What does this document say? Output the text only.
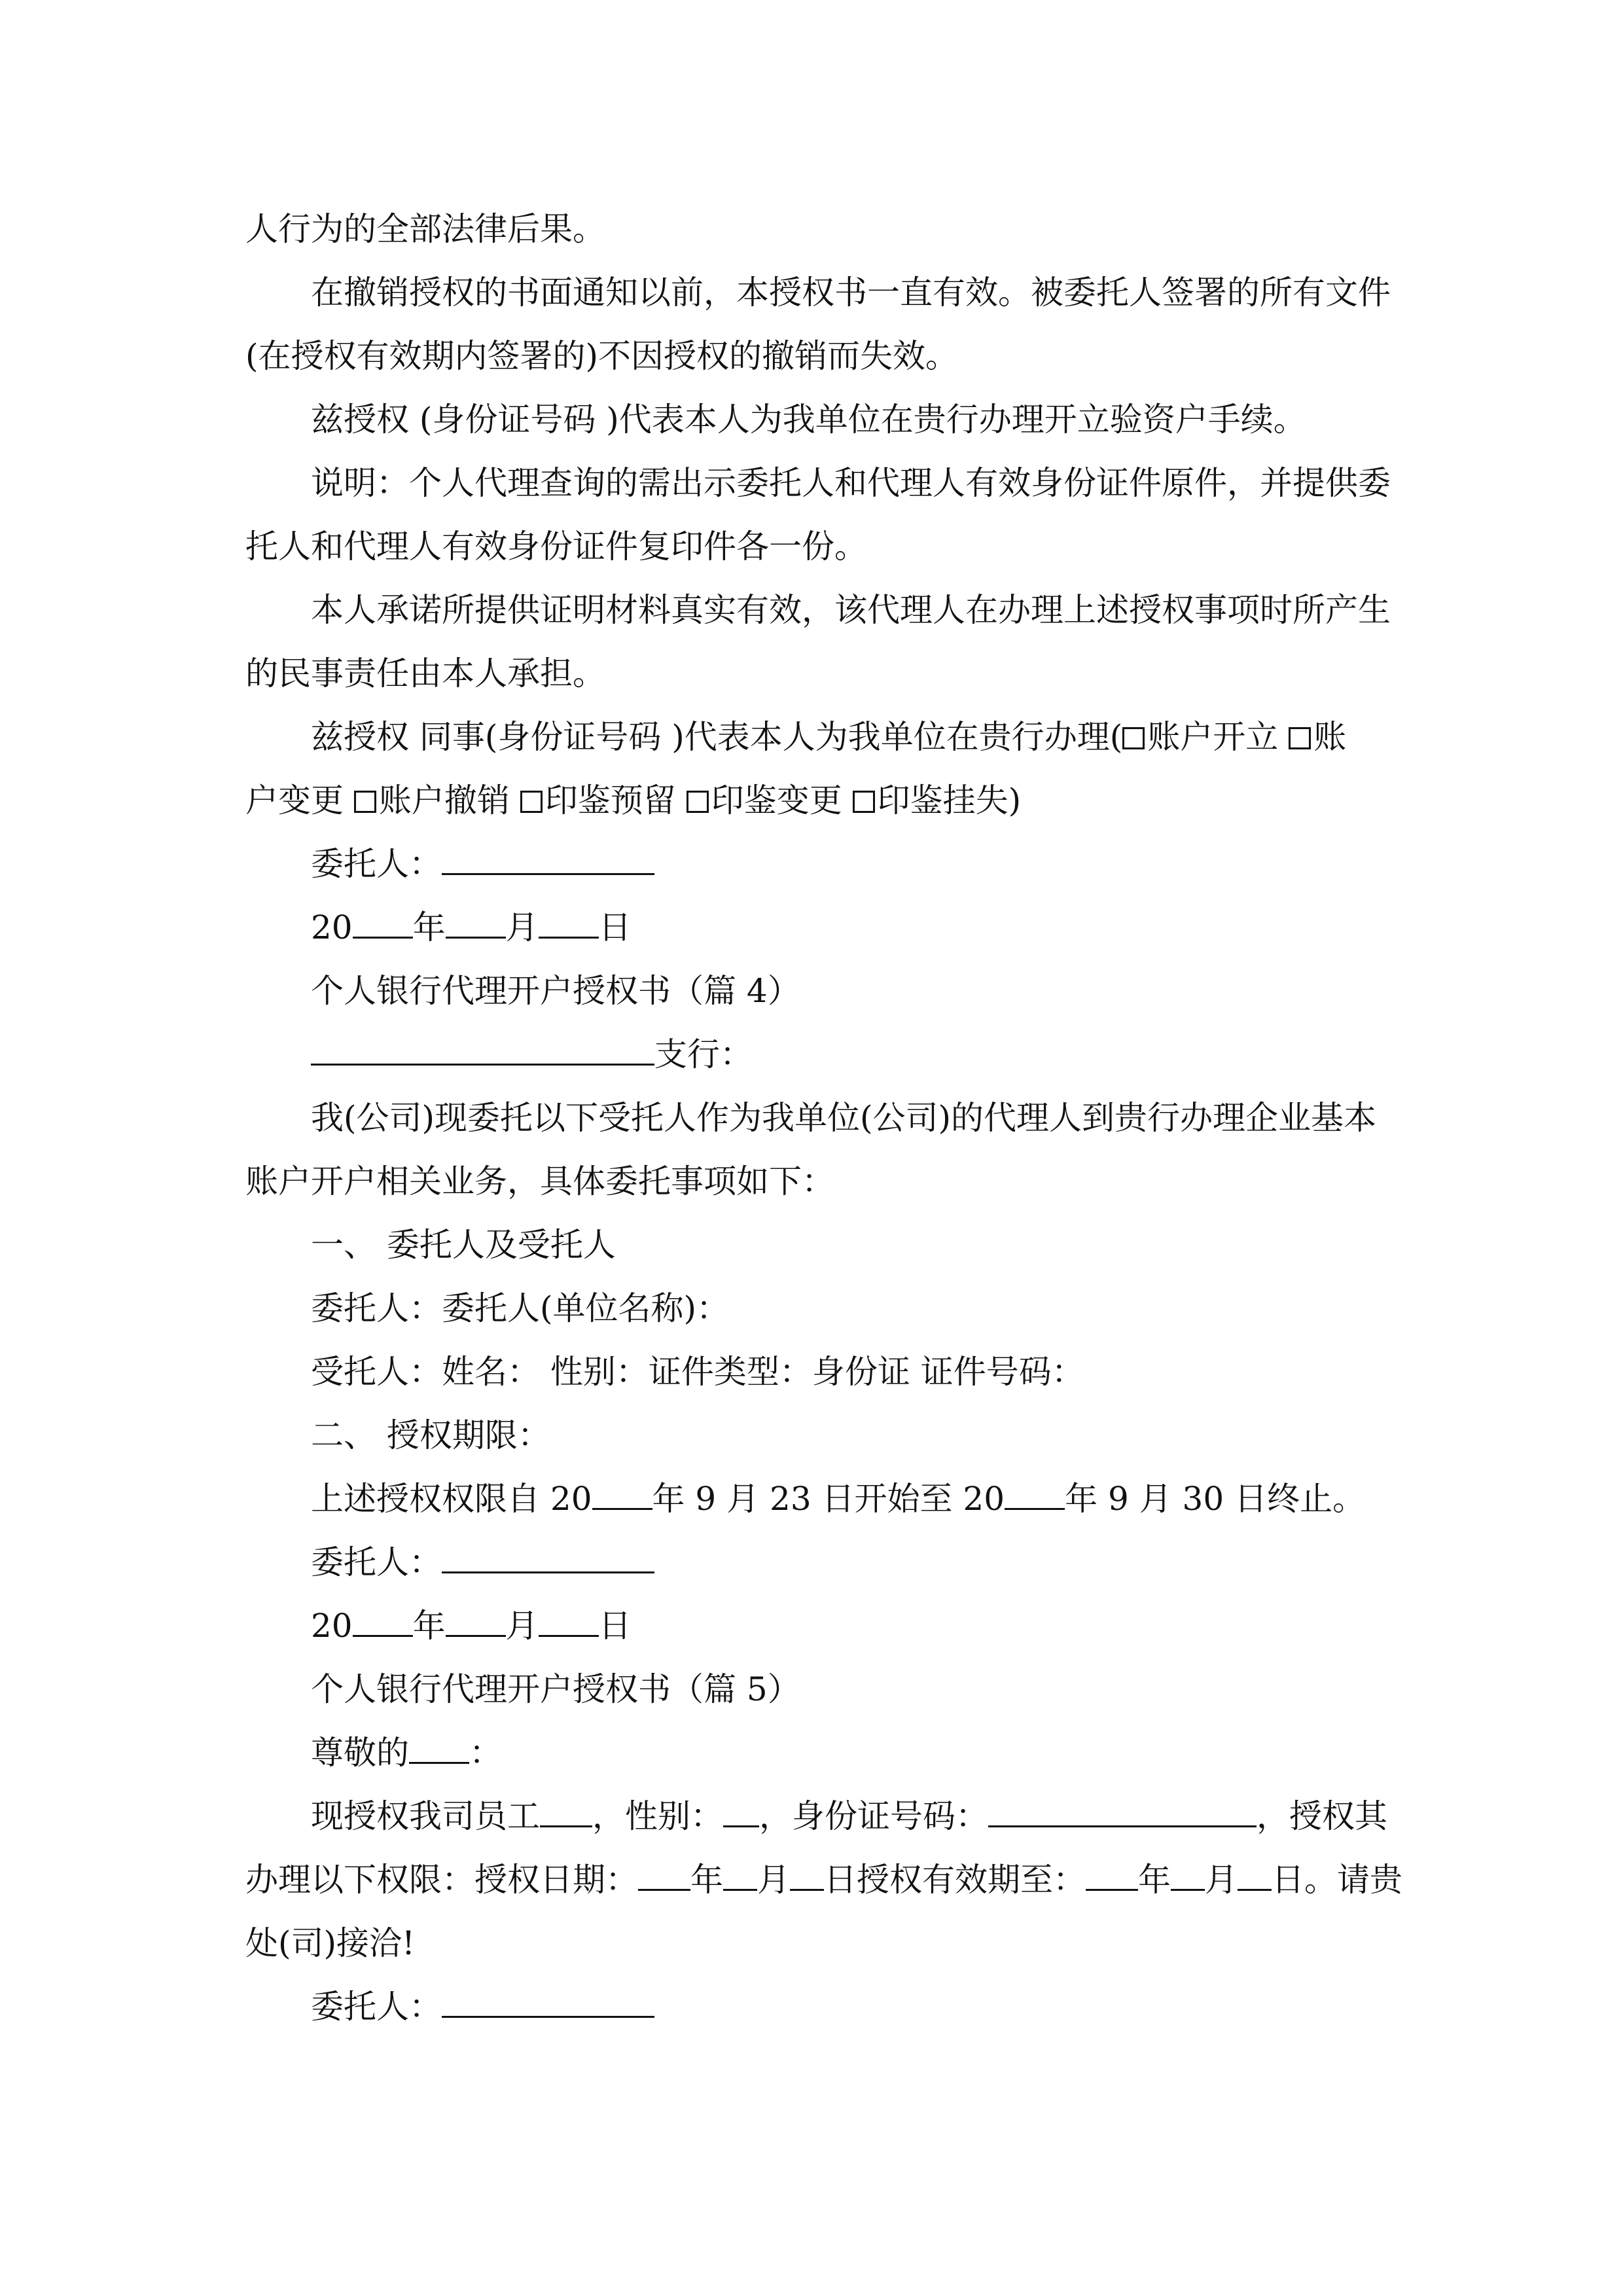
人行为的全部法律后果。

在撤销授权的书面通知以前，本授权书一直有效。被委托人签署的所有文件

(在授权有效期内签署的)不因授权的撤销而失效。

兹授权 (身份证号码 )代表本人为我单位在贵行办理开立验资户手续。

说明：个人代理查询的需出示委托人和代理人有效身份证件原件，并提供委

托人和代理人有效身份证件复印件各一份。

本人承诺所提供证明材料真实有效，该代理人在办理上述授权事项时所产生

的民事责任由本人承担。

兹授权 同事(身份证号码 )代表本人为我单位在贵行办理( 账户开立 账

户变更 账户撤销 印鉴预留 印鉴变更 印鉴挂失)

委托人：

20 年 月 日

个人银行代理开户授权书（篇 4）

支行：

我(公司)现委托以下受托人作为我单位(公司)的代理人到贵行办理企业基本

账户开户相关业务，具体委托事项如下：

一、 委托人及受托人

委托人：委托人(单位名称)：

受托人：姓名： 性别：证件类型：身份证 证件号码：

二、 授权期限：

上述授权权限自 20 年 9 月 23 日开始至 20 年 9 月 30 日终止。

委托人：

20 年 月 日

个人银行代理开户授权书（篇 5）

尊敬的 ：

现授权我司员工 ，性别： ，身份证号码：	，授权其

办理以下权限：授权日期： 年 月 日授权有效期至： 年 月 日。请贵

处(司)接洽!

委托人：
